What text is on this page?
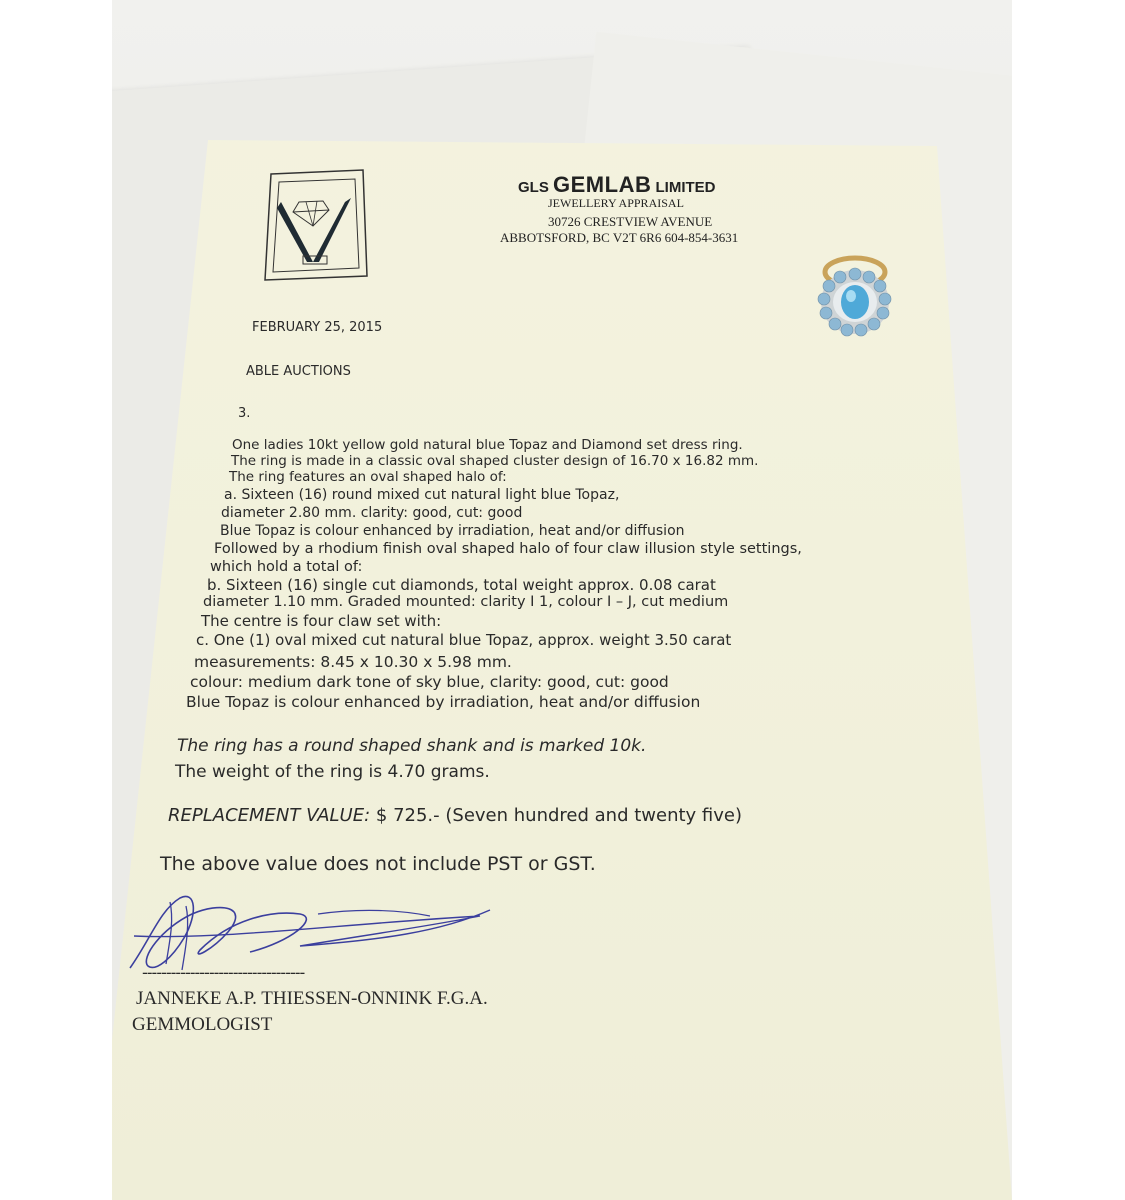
GLS GEMLAB LIMITED
JEWELLERY APPRAISAL
30726 CRESTVIEW AVENUE
ABBOTSFORD, BC V2T 6R6 604-854-3631
FEBRUARY 25, 2015
ABLE AUCTIONS
3.
One ladies 10kt yellow gold natural blue Topaz and Diamond set dress ring.
The ring is made in a classic oval shaped cluster design of 16.70 x 16.82 mm.
The ring features an oval shaped halo of:
a. Sixteen (16) round mixed cut natural light blue Topaz,
diameter 2.80 mm. clarity: good, cut: good
Blue Topaz is colour enhanced by irradiation, heat and/or diffusion
Followed by a rhodium finish oval shaped halo of four claw illusion style settings,
which hold a total of:
b. Sixteen (16) single cut diamonds, total weight approx. 0.08 carat
diameter 1.10 mm. Graded mounted: clarity I 1, colour I – J, cut medium
The centre is four claw set with:
c. One (1) oval mixed cut natural blue Topaz, approx. weight 3.50 carat
measurements: 8.45 x 10.30 x 5.98 mm.
colour: medium dark tone of sky blue, clarity: good, cut: good
Blue Topaz is colour enhanced by irradiation, heat and/or diffusion
The ring has a round shaped shank and is marked 10k.
The weight of the ring is 4.70 grams.
REPLACEMENT VALUE: $ 725.- (Seven hundred and twenty five)
The above value does not include PST or GST.
----------------------------------
JANNEKE A.P. THIESSEN-ONNINK F.G.A.
GEMMOLOGIST
